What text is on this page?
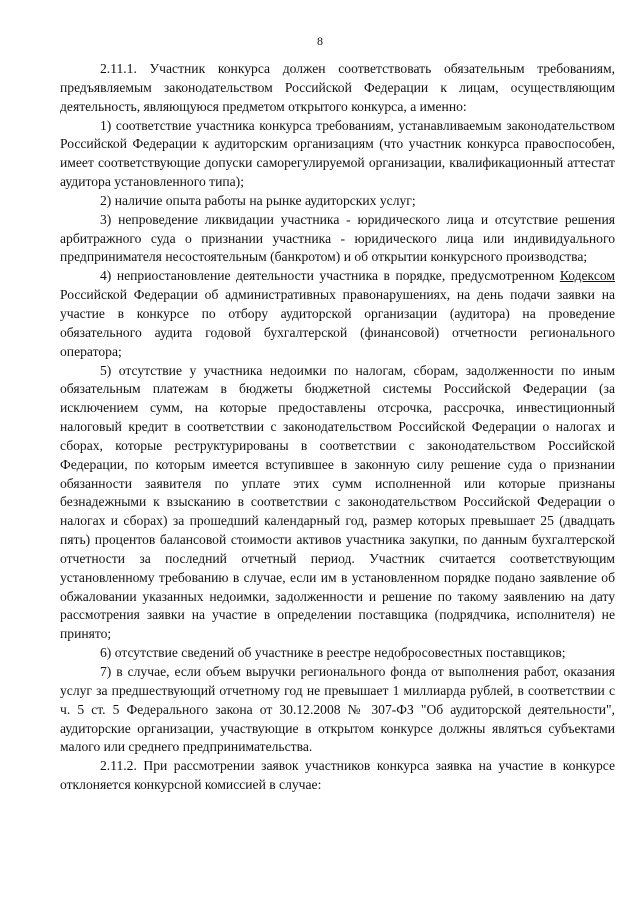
8

2.11.1. Участник конкурса должен соответствовать обязательным требованиям, предъявляемым законодательством Российской Федерации к лицам, осуществляющим деятельность, являющуюся предметом открытого конкурса, а именно:

1) соответствие участника конкурса требованиям, устанавливаемым законодательством Российской Федерации к аудиторским организациям (что участник конкурса правоспособен, имеет соответствующие допуски саморегулируемой организации, квалификационный аттестат аудитора установленного типа);

2) наличие опыта работы на рынке аудиторских услуг;

3) непроведение ликвидации участника - юридического лица и отсутствие решения арбитражного суда о признании участника - юридического лица или индивидуального предпринимателя несостоятельным (банкротом) и об открытии конкурсного производства;

4) неприостановление деятельности участника в порядке, предусмотренном Кодексом Российской Федерации об административных правонарушениях, на день подачи заявки на участие в конкурсе по отбору аудиторской организации (аудитора) на проведение обязательного аудита годовой бухгалтерской (финансовой) отчетности регионального оператора;

5) отсутствие у участника недоимки по налогам, сборам, задолженности по иным обязательным платежам в бюджеты бюджетной системы Российской Федерации (за исключением сумм, на которые предоставлены отсрочка, рассрочка, инвестиционный налоговый кредит в соответствии с законодательством Российской Федерации о налогах и сборах, которые реструктурированы в соответствии с законодательством Российской Федерации, по которым имеется вступившее в законную силу решение суда о признании обязанности заявителя по уплате этих сумм исполненной или которые признаны безнадежными к взысканию в соответствии с законодательством Российской Федерации о налогах и сборах) за прошедший календарный год, размер которых превышает 25 (двадцать пять) процентов балансовой стоимости активов участника закупки, по данным бухгалтерской отчетности за последний отчетный период. Участник считается соответствующим установленному требованию в случае, если им в установленном порядке подано заявление об обжаловании указанных недоимки, задолженности и решение по такому заявлению на дату рассмотрения заявки на участие в определении поставщика (подрядчика, исполнителя) не принято;

6) отсутствие сведений об участнике в реестре недобросовестных поставщиков;

7) в случае, если объем выручки регионального фонда от выполнения работ, оказания услуг за предшествующий отчетному год не превышает 1 миллиарда рублей, в соответствии с ч. 5 ст. 5 Федерального закона от 30.12.2008 № 307-ФЗ "Об аудиторской деятельности", аудиторские организации, участвующие в открытом конкурсе должны являться субъектами малого или среднего предпринимательства.

2.11.2. При рассмотрении заявок участников конкурса заявка на участие в конкурсе отклоняется конкурсной комиссией в случае:
